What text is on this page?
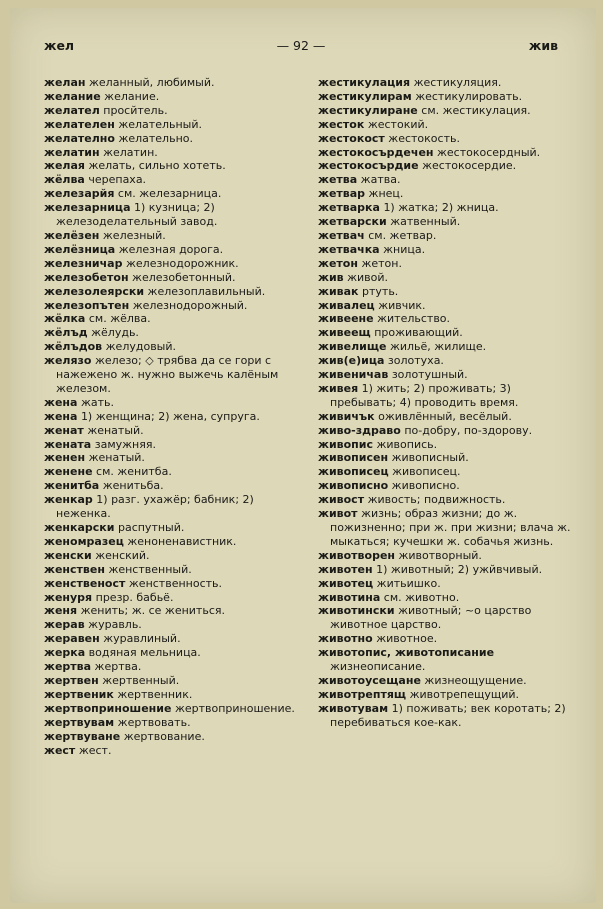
жел	— 92 —	жив

желан желанный, любимый.

желание желание.

желател просйтель.

желателен желательный.

желателно желательно.

желатин желатин.

желая желать, сильно хотеть.

жёлва черепаха.

железарйя см. железарница.

железарница 1) кузница; 2) железоделательный завод.

желёзен железный.

желёзница железная дорога.

железничар железнодорожник.

железобетон железобетонный.

железолеярски железоплавильный.

железопътен железнодорожный.

жёлка см. жёлва.

жёлъд жёлудь.

жёлъдов желудовый.

желязо железо; ◇ трябва да се гори с нажежено ж. нужно выжечь калёным железом.

жена жать.

жена 1) женщина; 2) жена, супруга.

женат женатый.

жената замужняя.

женен женатый.

женене см. женитба.

женитба женитьба.

женкар 1) разг. ухажёр; бабник; 2) неженка.

женкарски распутный.

женомразец женоненавистник.

женски женский.

женствен женственный.

женственост женственность.

женуря презр. бабьё.

женя женить; ж. се жениться.

жерав журавль.

жеравен журавлиный.

жерка водяная мельница.

жертва жертва.

жертвен жертвенный.

жертвеник жертвенник.

жертвоприношение жертвоприношение.

жертвувам жертвовать.

жертвуване жертвование.

жест жест.

жестикулация жестикуляция.

жестикулирам жестикулировать.

жестикулиране см. жестикулация.

жесток жестокий.

жестокост жестокость.

жестокосърдечен жестокосердный.

жестокосърдие жестокосердие.

жетва жатва.

жетвар жнец.

жетварка 1) жатка; 2) жница.

жетварски жатвенный.

жетвач см. жетвар.

жетвачка жница.

жетон жетон.

жив живой.

живак ртуть.

живалец живчик.

живеене жительство.

живеещ проживающий.

живелище жильё, жилище.

жив(е)ица золотуха.

живеничав золотушный.

живея 1) жить; 2) проживать; 3) пребывать; 4) проводить время.

живичък оживлённый, весёлый.

живо-здраво по-добру, по-здорову.

живопис живопись.

живописен живописный.

живописец живописец.

живописно живописно.

живост живость; подвижность.

живот жизнь; образ жизни; до ж. пожизненно; при ж. при жизни; влача ж. мыкаться; кучешки ж. собачья жизнь.

животворен животворный.

животен 1) животный; 2) ужйвчивый.

животец житьишко.

животина см. животно.

животински животный; ~о царство животное царство.

животно животное.

животопис, животописание жизнеописание.

животоусещане жизнеощущение.

животрептящ животрепещущий.

животувам 1) поживать; век коротать; 2) перебиваться кое-как.
